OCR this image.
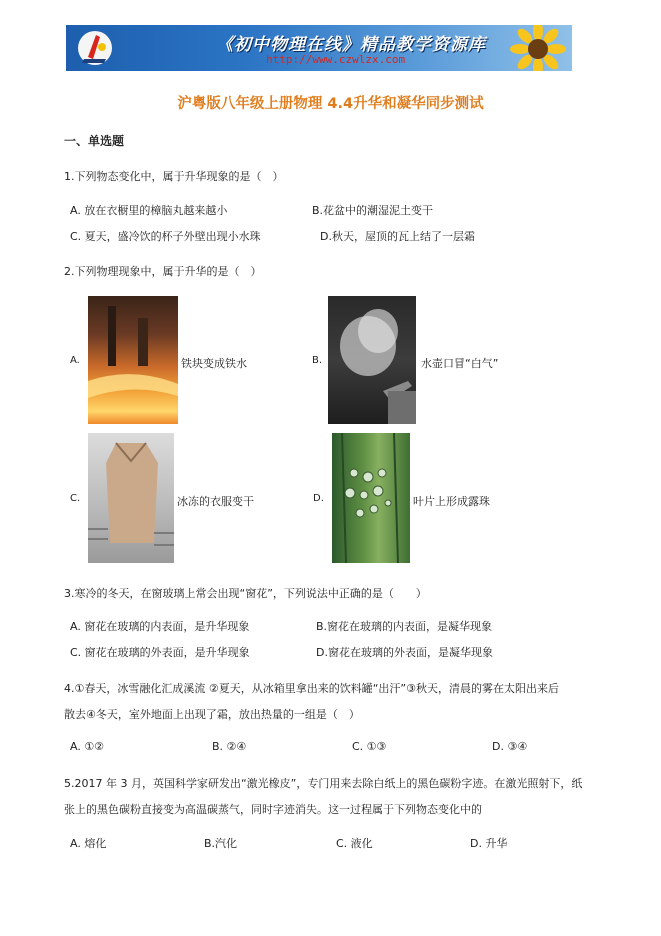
《初中物理在线》精品教学资源库
http://www.czwlzx.com
沪粤版八年级上册物理 4.4升华和凝华同步测试
一、单选题
1.下列物态变化中，属于升华现象的是（　）
A. 放在衣橱里的樟脑丸越来越小	B.花盆中的潮湿泥土变干
C. 夏天，盛冷饮的杯子外壁出现小水珠	D.秋天，屋顶的瓦上结了一层霜
2.下列物理现象中，属于升华的是（　）
A.	铁块变成铁水	B.	水壶口冒“白气”
C.	冰冻的衣服变干	D.	叶片上形成露珠
3.寒冷的冬天，在窗玻璃上常会出现“窗花”，下列说法中正确的是（　　）
A. 窗花在玻璃的内表面，是升华现象	B.窗花在玻璃的内表面，是凝华现象
C. 窗花在玻璃的外表面，是升华现象	D.窗花在玻璃的外表面，是凝华现象
4.①春天，冰雪融化汇成溪流 ②夏天，从冰箱里拿出来的饮料罐“出汗”③秋天，清晨的雾在太阳出来后
散去④冬天，室外地面上出现了霜，放出热量的一组是（　）
A. ①②	B. ②④	C. ①③	D. ③④
5.2017 年 3 月，英国科学家研发出“激光橡皮”，专门用来去除白纸上的黑色碳粉字迹。在激光照射下，纸
张上的黑色碳粉直接变为高温碳蒸气，同时字迹消失。这一过程属于下列物态变化中的
A. 熔化	B.汽化	C. 液化	D. 升华
